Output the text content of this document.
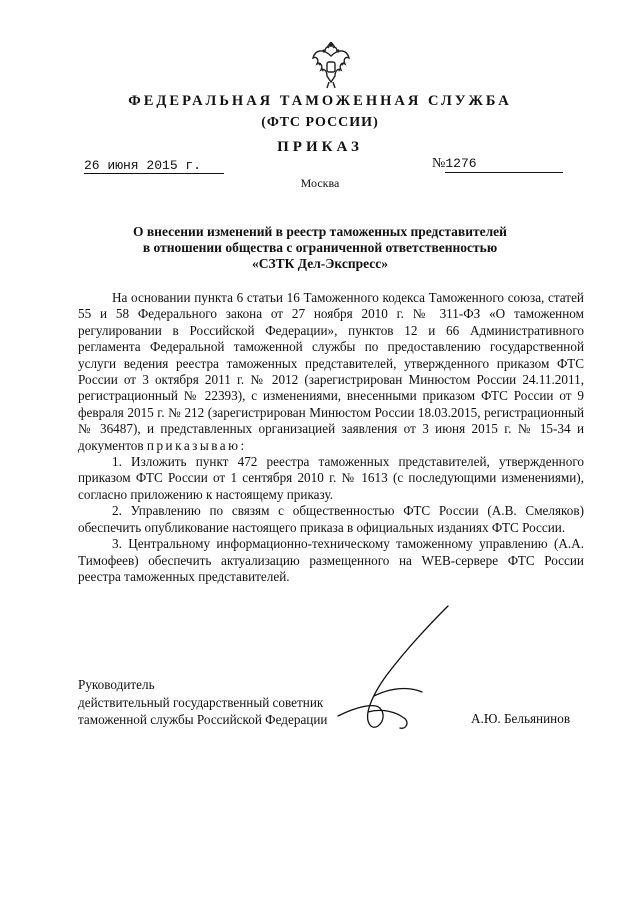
ФЕДЕРАЛЬНАЯ ТАМОЖЕННАЯ СЛУЖБА
(ФТС РОССИИ)
ПРИКАЗ
26 июня 2015 г.	№1276
Москва
О внесении изменений в реестр таможенных представителей
в отношении общества с ограниченной ответственностью
«СЗТК Дел-Экспресс»

На основании пункта 6 статьи 16 Таможенного кодекса Таможенного союза, статей 55 и 58 Федерального закона от 27 ноября 2010 г. № 311-ФЗ «О таможенном регулировании в Российской Федерации», пунктов 12 и 66 Административного регламента Федеральной таможенной службы по предоставлению государственной услуги ведения реестра таможенных представителей, утвержденного приказом ФТС России от 3 октября 2011 г. № 2012 (зарегистрирован Минюстом России 24.11.2011, регистрационный № 22393), с изменениями, внесенными приказом ФТС России от 9 февраля 2015 г. № 212 (зарегистрирован Минюстом России 18.03.2015, регистрационный № 36487), и представленных организацией заявления от 3 июня 2015 г. № 15-34 и документов приказываю:

1. Изложить пункт 472 реестра таможенных представителей, утвержденного приказом ФТС России от 1 сентября 2010 г. № 1613 (с последующими изменениями), согласно приложению к настоящему приказу.

2. Управлению по связям с общественностью ФТС России (А.В. Смеляков) обеспечить опубликование настоящего приказа в официальных изданиях ФТС России.

3. Центральному информационно-техническому таможенному управлению (А.А. Тимофеев) обеспечить актуализацию размещенного на WEB-сервере ФТС России реестра таможенных представителей.

Руководитель
действительный государственный советник
таможенной службы Российской Федерации	А.Ю. Бельянинов
